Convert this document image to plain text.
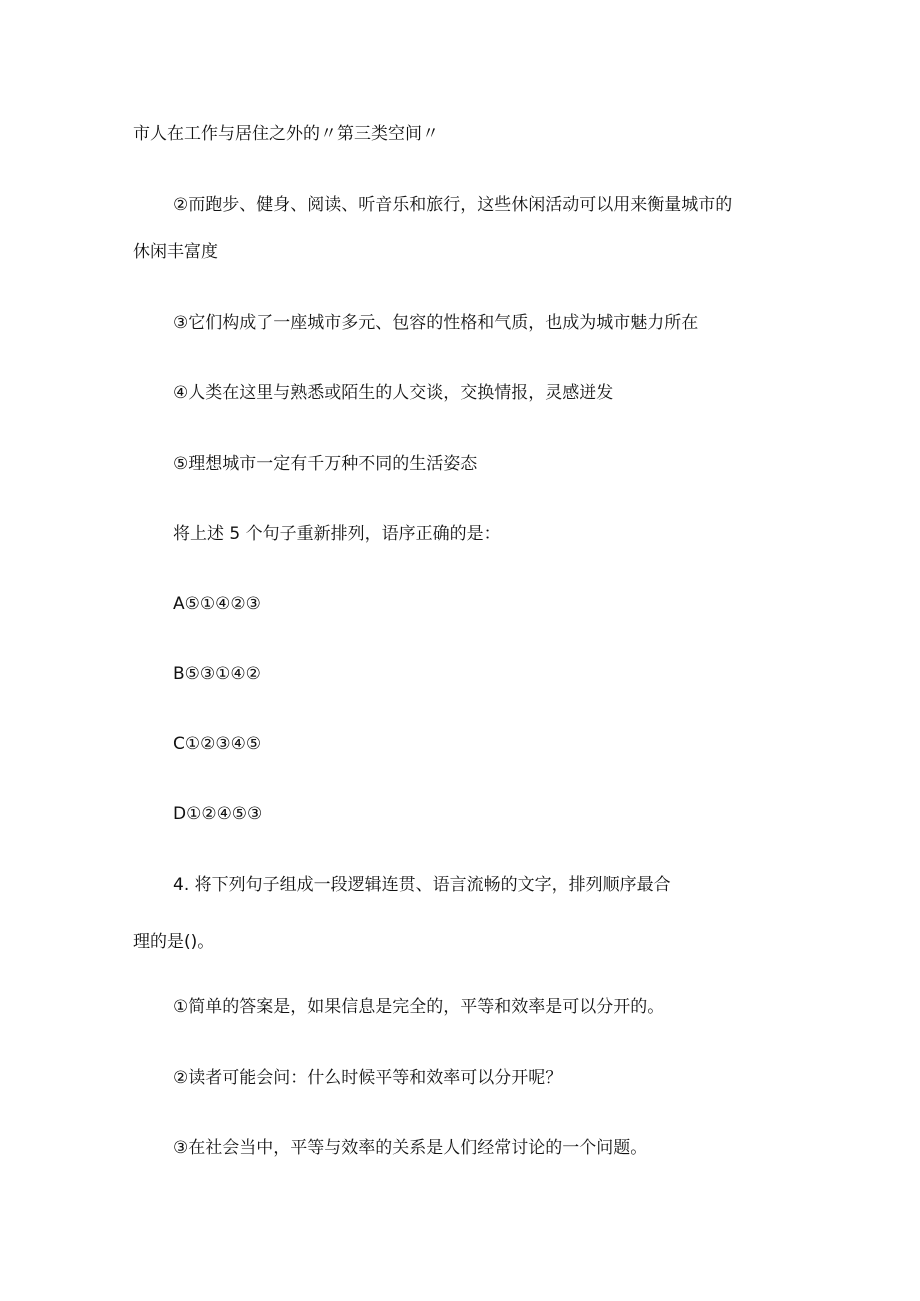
市人在工作与居住之外的〃第三类空间〃

②而跑步、健身、阅读、听音乐和旅行，这些休闲活动可以用来衡量城市的

休闲丰富度

③它们构成了一座城市多元、包容的性格和气质，也成为城市魅力所在

④人类在这里与熟悉或陌生的人交谈，交换情报，灵感迸发

⑤理想城市一定有千万种不同的生活姿态

将上述 5 个句子重新排列，语序正确的是：

A⑤①④②③

B⑤③①④②

C①②③④⑤

D①②④⑤③

4. 将下列句子组成一段逻辑连贯、语言流畅的文字，排列顺序最合

理的是()。

①简单的答案是，如果信息是完全的，平等和效率是可以分开的。

②读者可能会问：什么时候平等和效率可以分开呢？

③在社会当中，平等与效率的关系是人们经常讨论的一个问题。
